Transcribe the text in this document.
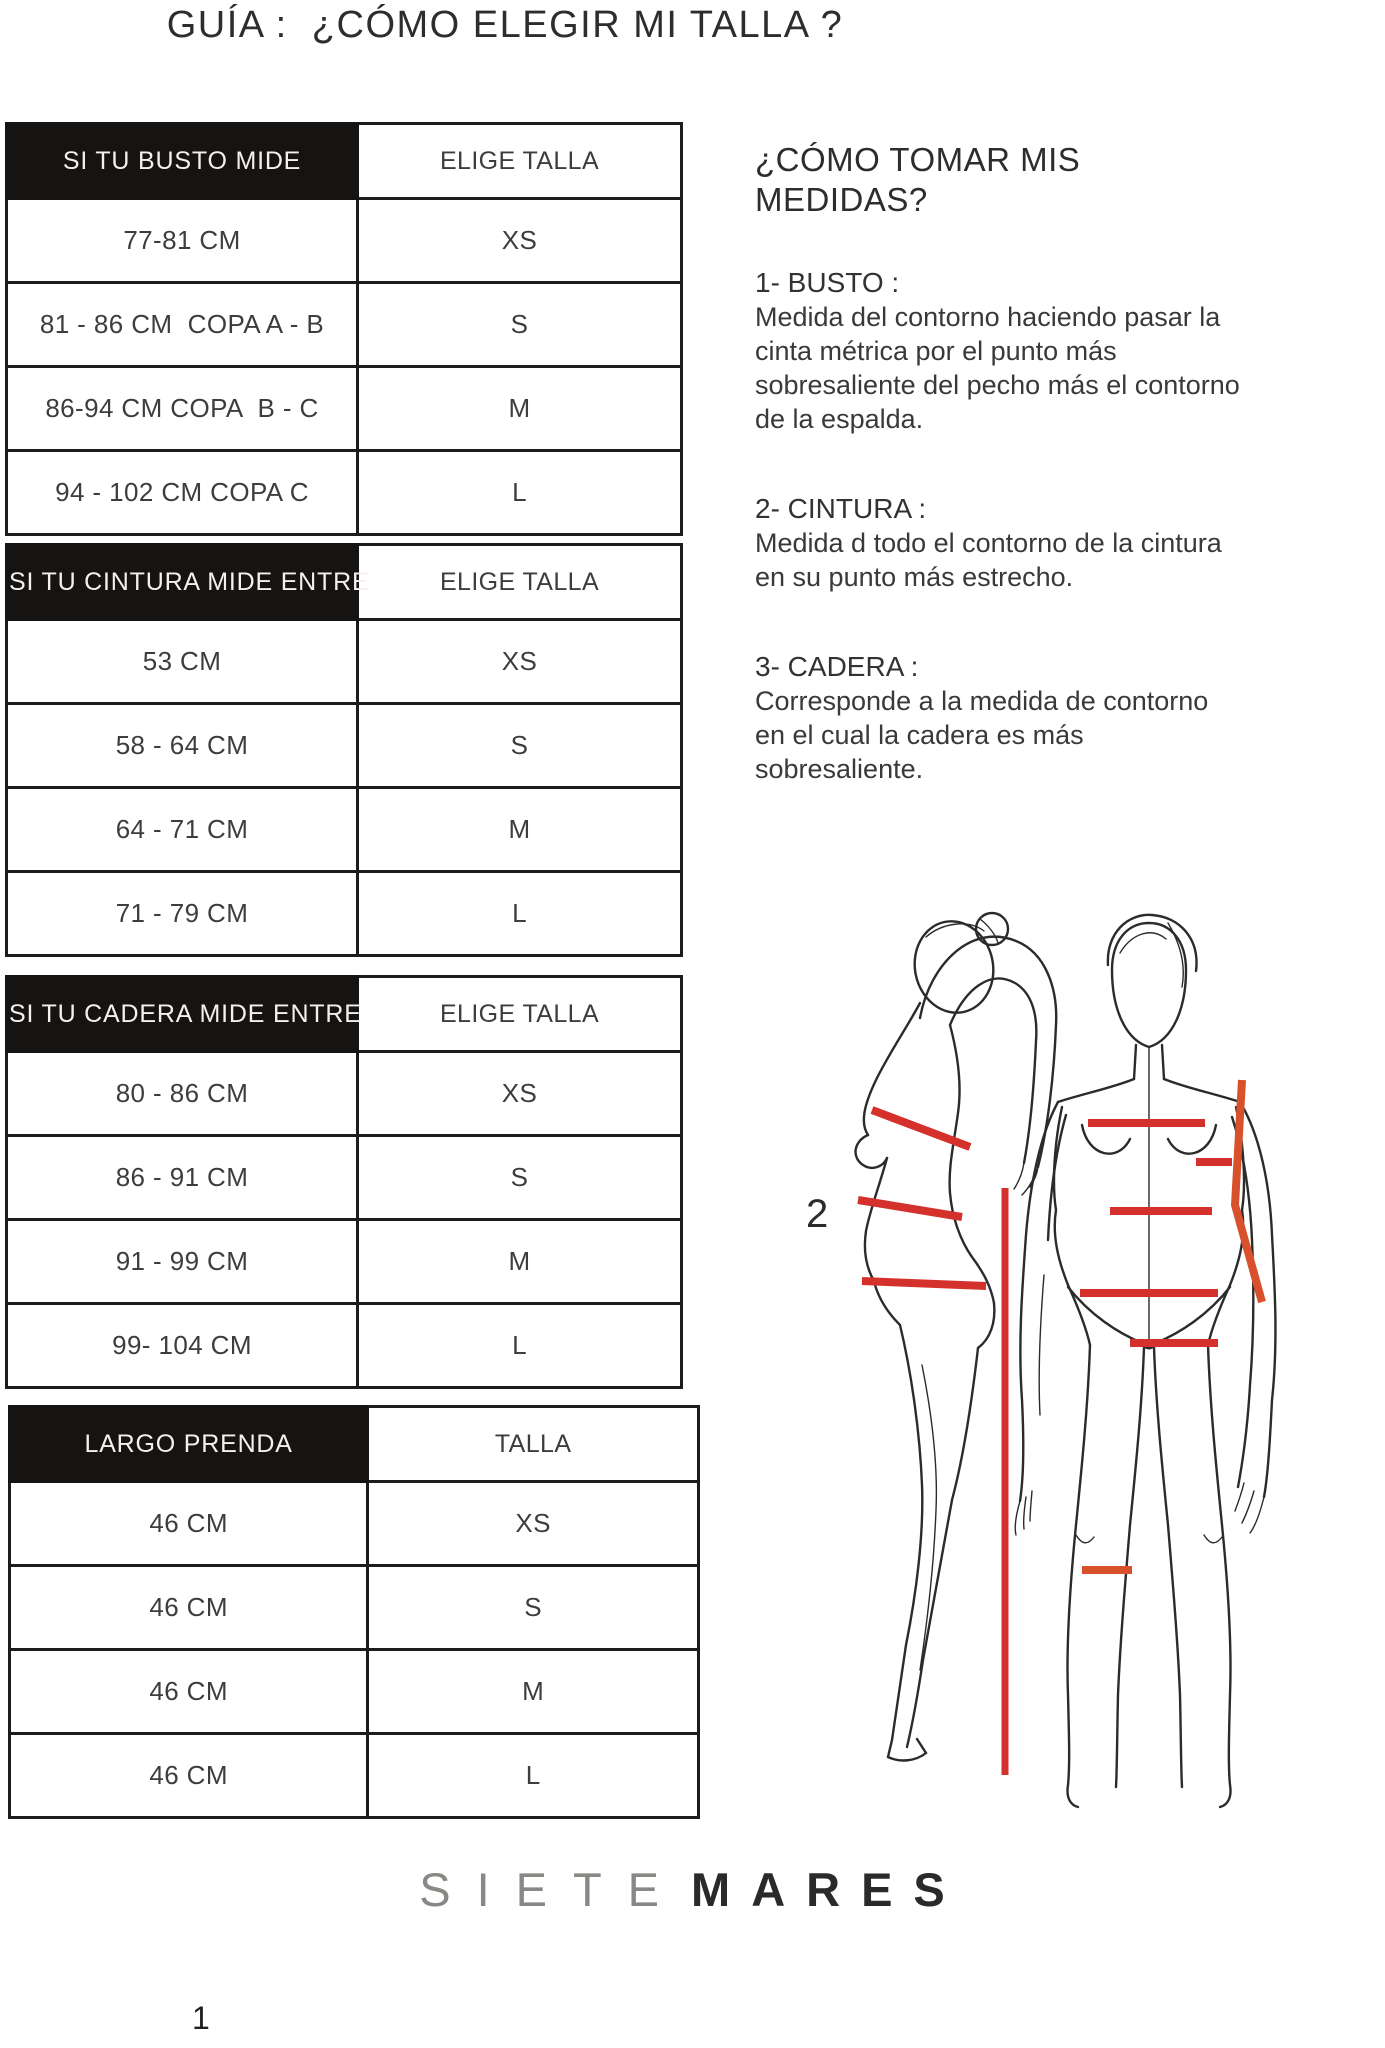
GUÍA :  ¿CÓMO ELEGIR MI TALLA ?
SI TU BUSTO MIDE	ELIGE TALLA
77-81 CM	XS
81 - 86 CM  COPA A - B	S
86-94 CM COPA  B - C	M
94 - 102 CM COPA C	L
SI TU CINTURA MIDE ENTRE	ELIGE TALLA
53 CM	XS
58 - 64 CM	S
64 - 71 CM	M
71 - 79 CM	L
SI TU CADERA MIDE ENTRE	ELIGE TALLA
80 - 86 CM	XS
86 - 91 CM	S
91 - 99 CM	M
99- 104 CM	L
LARGO PRENDA	TALLA
46 CM	XS
46 CM	S
46 CM	M
46 CM	L
¿CÓMO TOMAR MIS MEDIDAS?

1- BUSTO :

Medida del contorno haciendo pasar la cinta métrica por el punto más sobresaliente del pecho más el contorno de la espalda.

2- CINTURA :

Medida d todo el contorno de la cintura en su punto más estrecho.

3- CADERA :

Corresponde a la medida de contorno en el cual la cadera es más sobresaliente.

2
SIETE MARES
1
